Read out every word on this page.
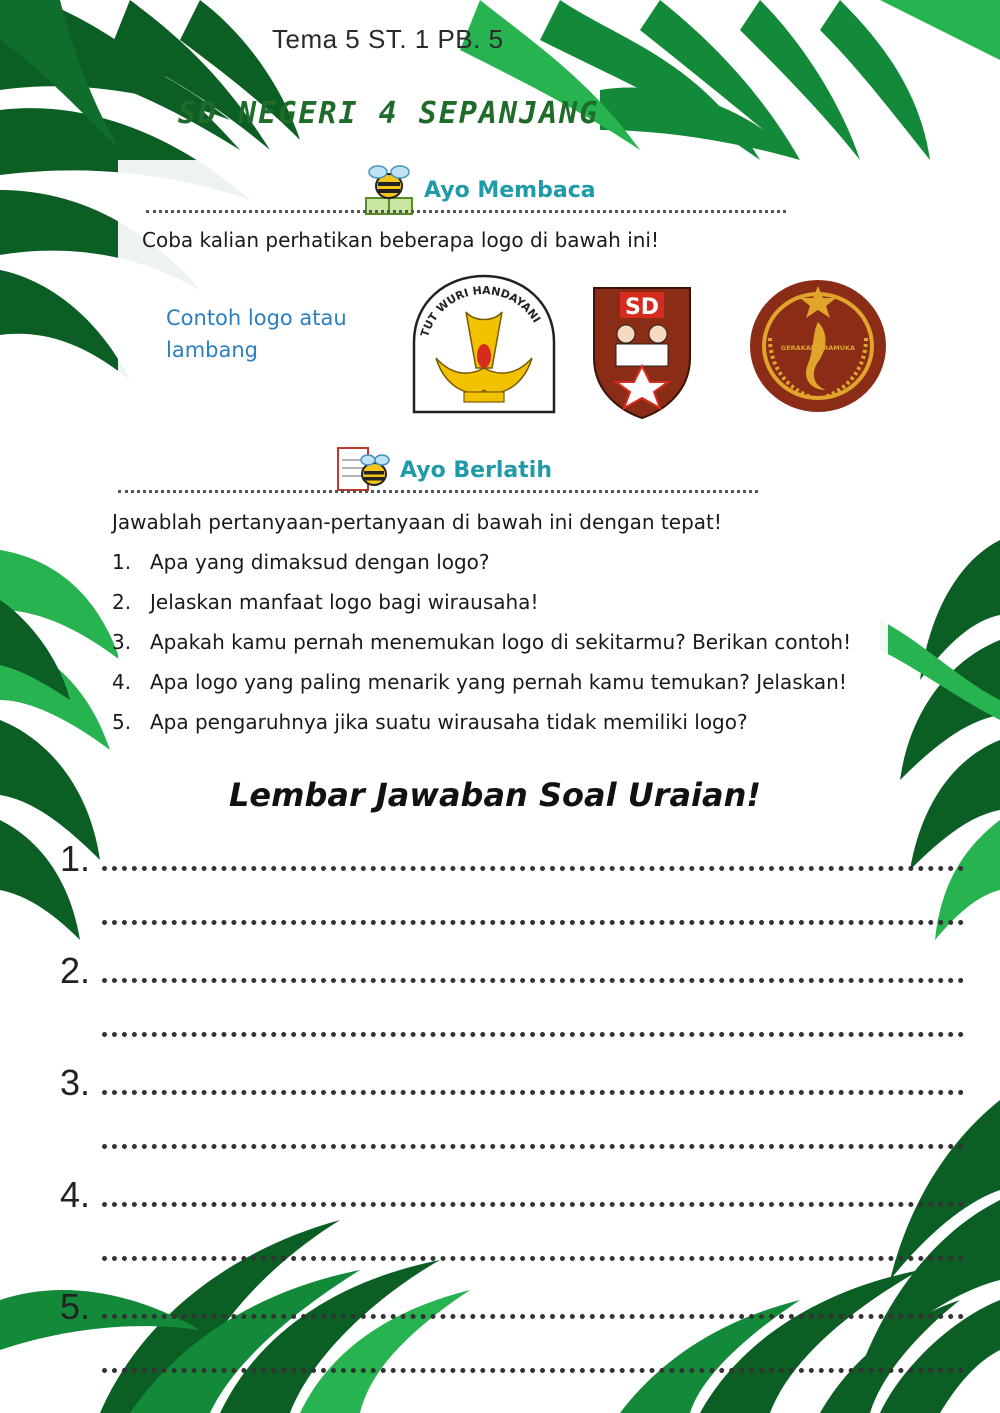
Tema 5 ST. 1 PB. 5
SD NEGERI 4 SEPANJANG
Ayo Membaca
Coba kalian perhatikan beberapa logo di bawah ini!
Contoh logo atau
lambang
TUT WURI HANDAYANI	SD
GERAKAN PRAMUKA
Ayo Berlatih
Jawablah pertanyaan-pertanyaan di bawah ini dengan tepat!
1. Apa yang dimaksud dengan logo?
2. Jelaskan manfaat logo bagi wirausaha!
3. Apakah kamu pernah menemukan logo di sekitarmu? Berikan contoh!
4. Apa logo yang paling menarik yang pernah kamu temukan? Jelaskan!
5. Apa pengaruhnya jika suatu wirausaha tidak memiliki logo?
Lembar Jawaban Soal Uraian!
1.
2.
3.
4.
5.
